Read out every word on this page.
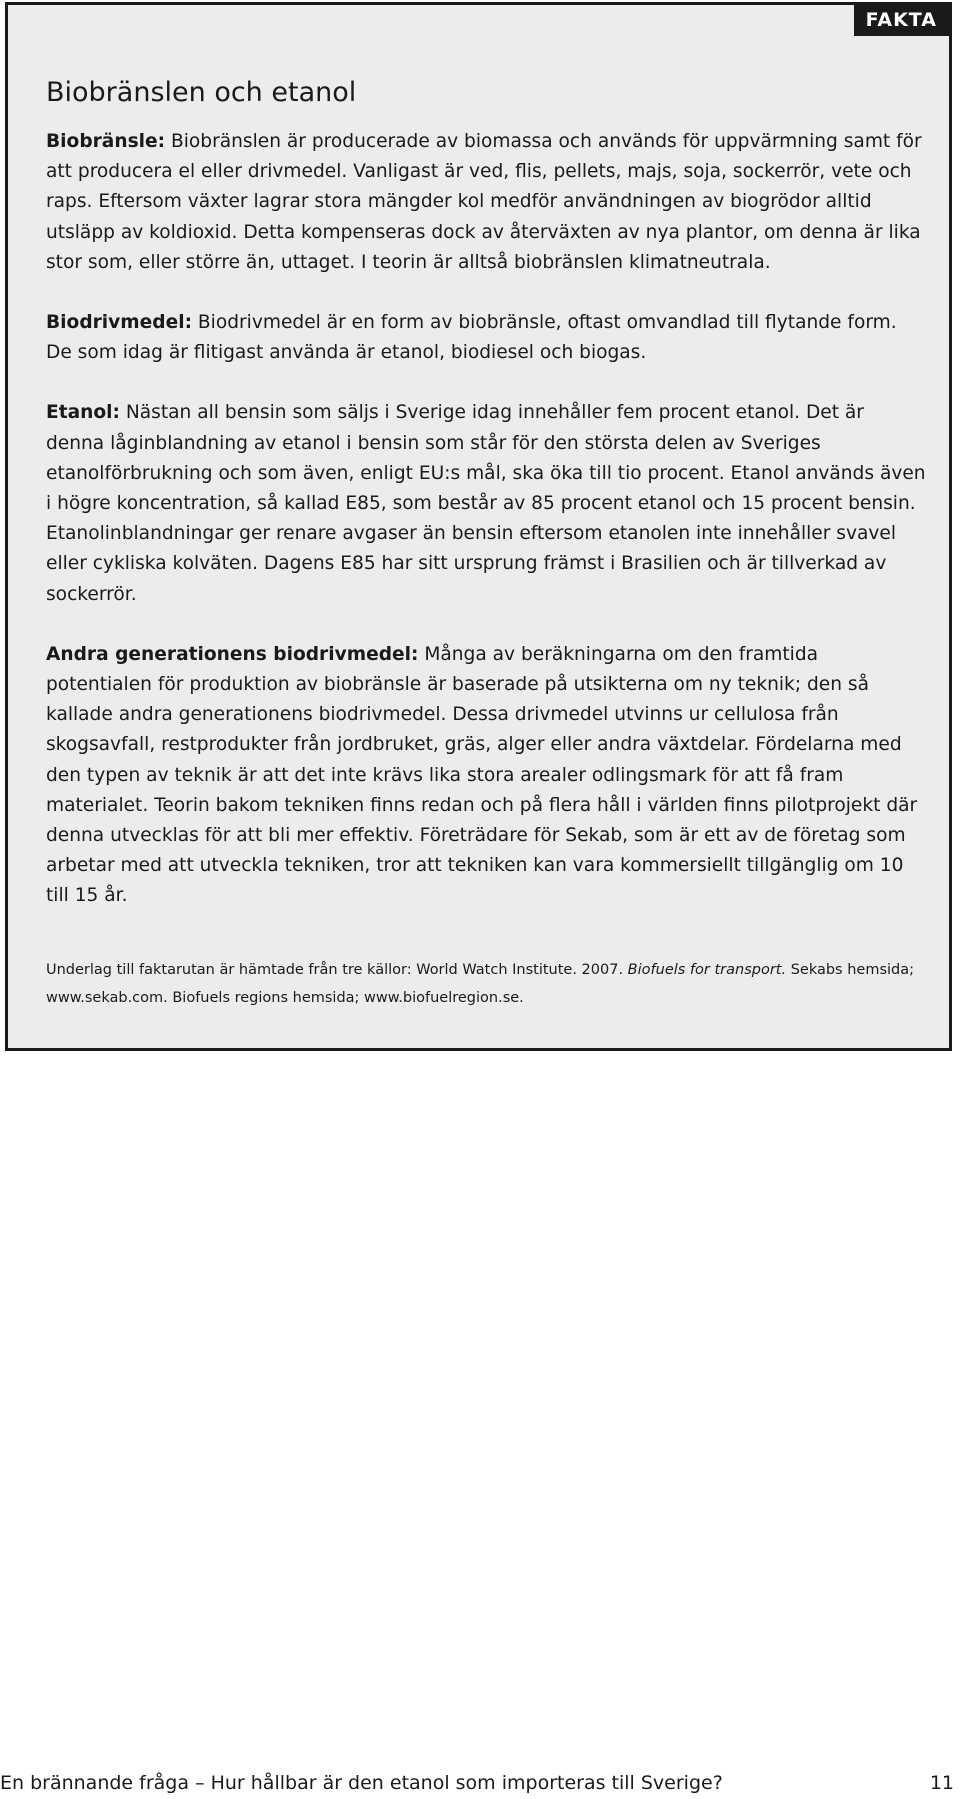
FAKTA
Biobränslen och etanol

Biobränsle: Biobränslen är producerade av biomassa och används för uppvärmning samt för att producera el eller drivmedel. Vanligast är ved, flis, pellets, majs, soja, sockerrör, vete och raps. Eftersom växter lagrar stora mängder kol medför användningen av biogrödor alltid utsläpp av koldioxid. Detta kompenseras dock av återväxten av nya plantor, om denna är lika stor som, eller större än, uttaget. I teorin är alltså biobränslen klimatneutrala.

Biodrivmedel: Biodrivmedel är en form av biobränsle, oftast omvandlad till flytande form. De som idag är flitigast använda är etanol, biodiesel och biogas.

Etanol: Nästan all bensin som säljs i Sverige idag innehåller fem procent etanol. Det är denna låginblandning av etanol i bensin som står för den största delen av Sveriges etanolförbrukning och som även, enligt EU:s mål, ska öka till tio procent. Etanol används även i högre koncentration, så kallad E85, som består av 85 procent etanol och 15 procent bensin. Etanolinblandningar ger renare avgaser än bensin eftersom etanolen inte innehåller svavel eller cykliska kolväten. Dagens E85 har sitt ursprung främst i Brasilien och är tillverkad av sockerrör.

Andra generationens biodrivmedel: Många av beräkningarna om den framtida potentialen för produktion av biobränsle är baserade på utsikterna om ny teknik; den så kallade andra generationens biodrivmedel. Dessa drivmedel utvinns ur cellulosa från skogsavfall, restprodukter från jordbruket, gräs, alger eller andra växtdelar. Fördelarna med den typen av teknik är att det inte krävs lika stora arealer odlingsmark för att få fram materialet. Teorin bakom tekniken finns redan och på flera håll i världen finns pilotprojekt där denna utvecklas för att bli mer effektiv. Företrädare för Sekab, som är ett av de företag som arbetar med att utveckla tekniken, tror att tekniken kan vara kommersiellt tillgänglig om 10 till 15 år.

Underlag till faktarutan är hämtade från tre källor: World Watch Institute. 2007. Biofuels for transport. Sekabs hemsida; www.sekab.com. Biofuels regions hemsida; www.biofuelregion.se.

En brännande fråga – Hur hållbar är den etanol som importeras till Sverige?	11
